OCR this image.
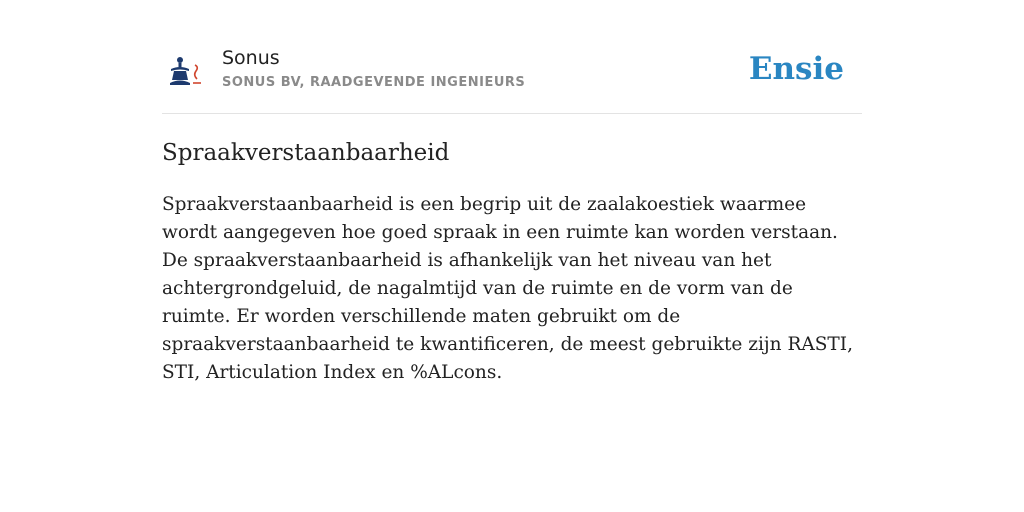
Sonus
SONUS BV, RAADGEVENDE INGENIEURS	Ensie
Spraakverstaanbaarheid

Spraakverstaanbaarheid is een begrip uit de zaalakoestiek waarmee wordt aangegeven hoe goed spraak in een ruimte kan worden verstaan. De spraakverstaanbaarheid is afhankelijk van het niveau van het achtergrondgeluid, de nagalmtijd van de ruimte en de vorm van de ruimte. Er worden verschillende maten gebruikt om de spraakverstaanbaarheid te kwantificeren, de meest gebruikte zijn RASTI, STI, Articulation Index en %ALcons.
